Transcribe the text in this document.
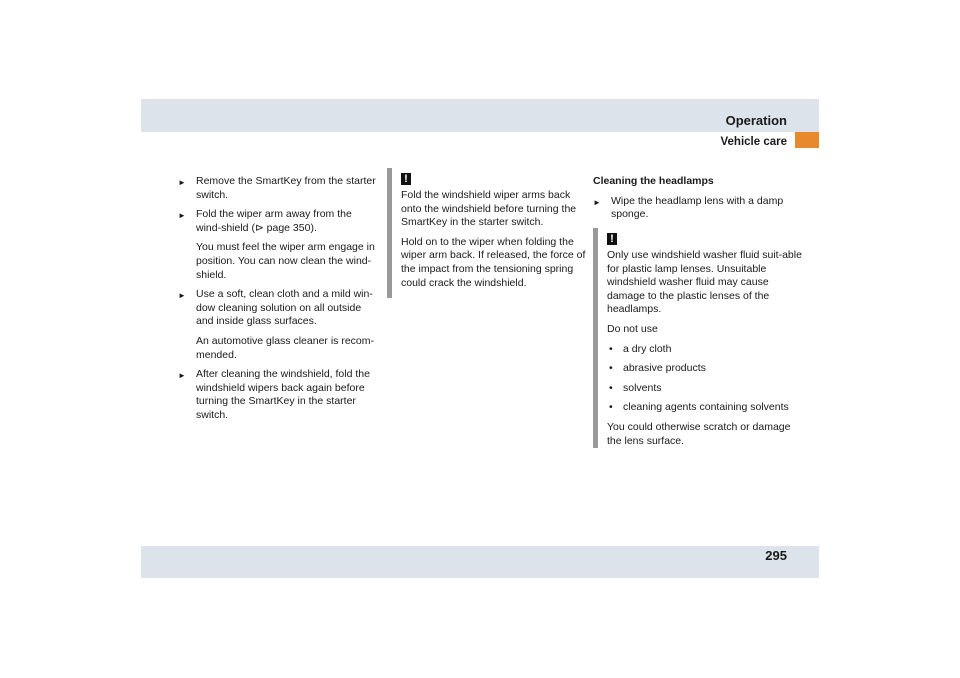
Operation
Vehicle care
► Remove the SmartKey from the starter switch.
► Fold the wiper arm away from the wind-shield (⊳ page 350).
You must feel the wiper arm engage in position. You can now clean the wind-shield.
► Use a soft, clean cloth and a mild win-dow cleaning solution on all outside and inside glass surfaces.
An automotive glass cleaner is recom-mended.
► After cleaning the windshield, fold the windshield wipers back again before turning the SmartKey in the starter switch.
!

Fold the windshield wiper arms back onto the windshield before turning the SmartKey in the starter switch.

Hold on to the wiper when folding the wiper arm back. If released, the force of the impact from the tensioning spring could crack the windshield.

Cleaning the headlamps
► Wipe the headlamp lens with a damp sponge.
!

Only use windshield washer fluid suit-able for plastic lamp lenses. Unsuitable windshield washer fluid may cause damage to the plastic lenses of the headlamps.

Do not use

• a dry cloth
• abrasive products
• solvents
• cleaning agents containing solvents

You could otherwise scratch or damage the lens surface.

295
